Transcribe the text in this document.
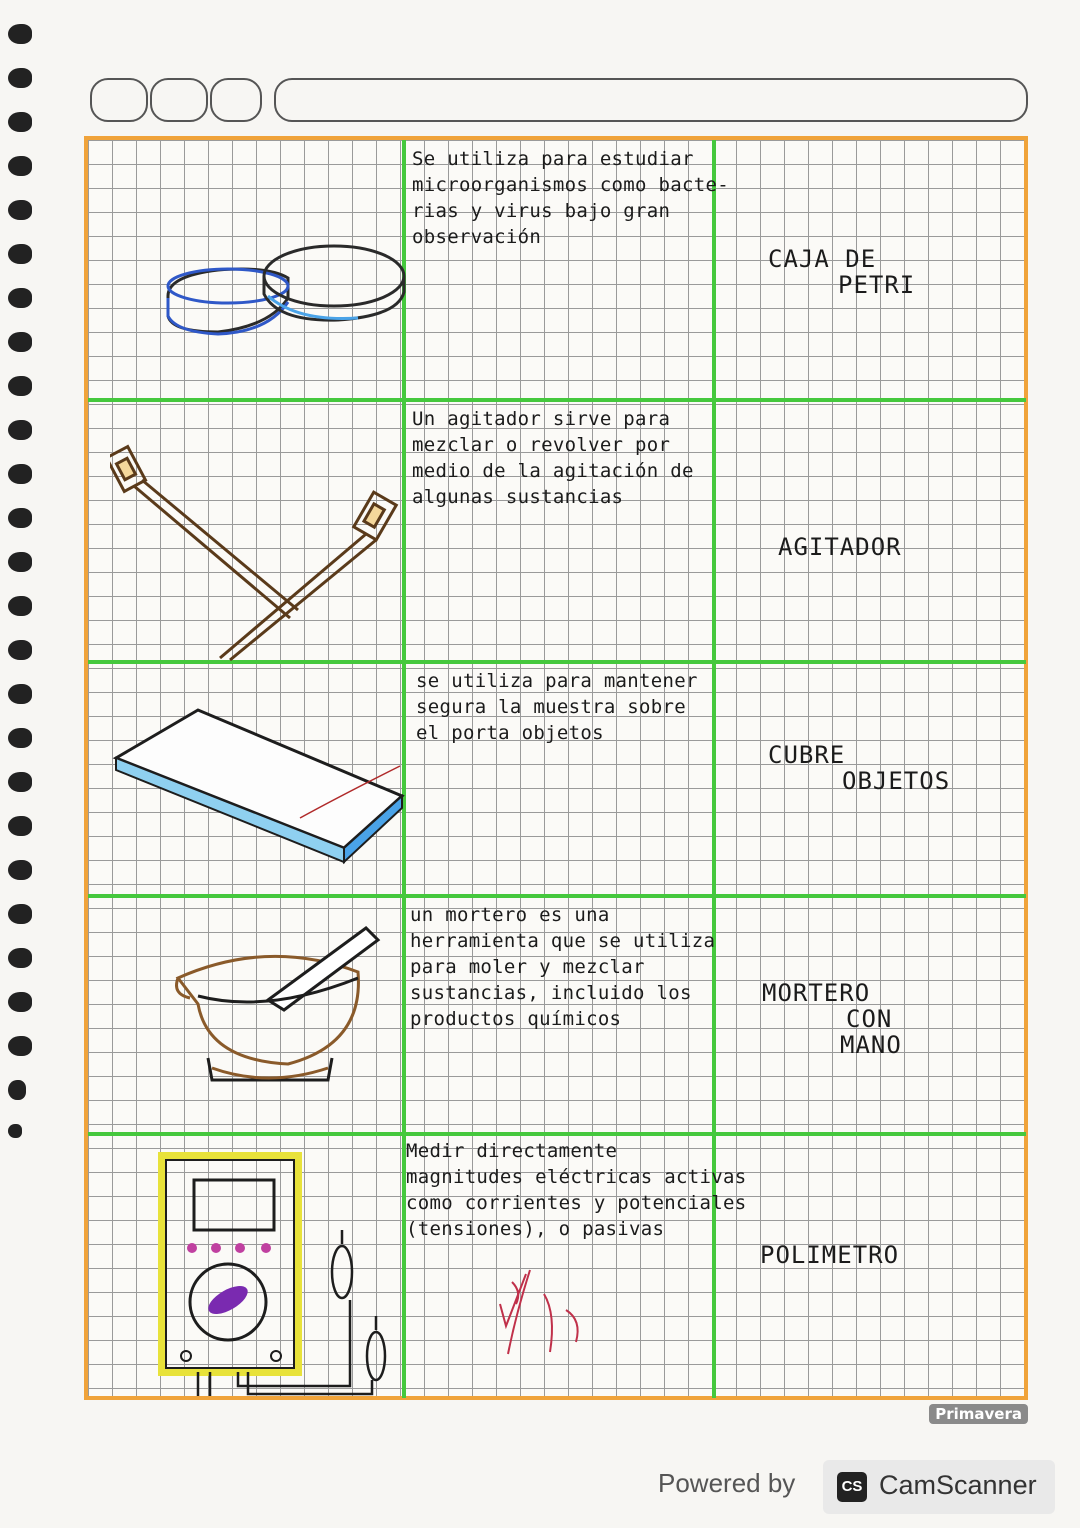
Se utiliza para estudiar
microorganismos como bacte-
rias y virus bajo gran
observación
CAJA DE
PETRI
Un agitador sirve para
mezclar o revolver por
medio de la agitación de
algunas sustancias
AGITADOR
se utiliza para mantener
segura la muestra sobre
el porta objetos
CUBRE
OBJETOS
un mortero es una
herramienta que se utiliza
para moler y mezclar
sustancias, incluido los
productos químicos
MORTERO
CON
MANO
Medir directamente
magnitudes eléctricas activas
como corrientes y potenciales
(tensiones), o pasivas
POLIMETRO
Primavera
Powered by	CS CamScanner
